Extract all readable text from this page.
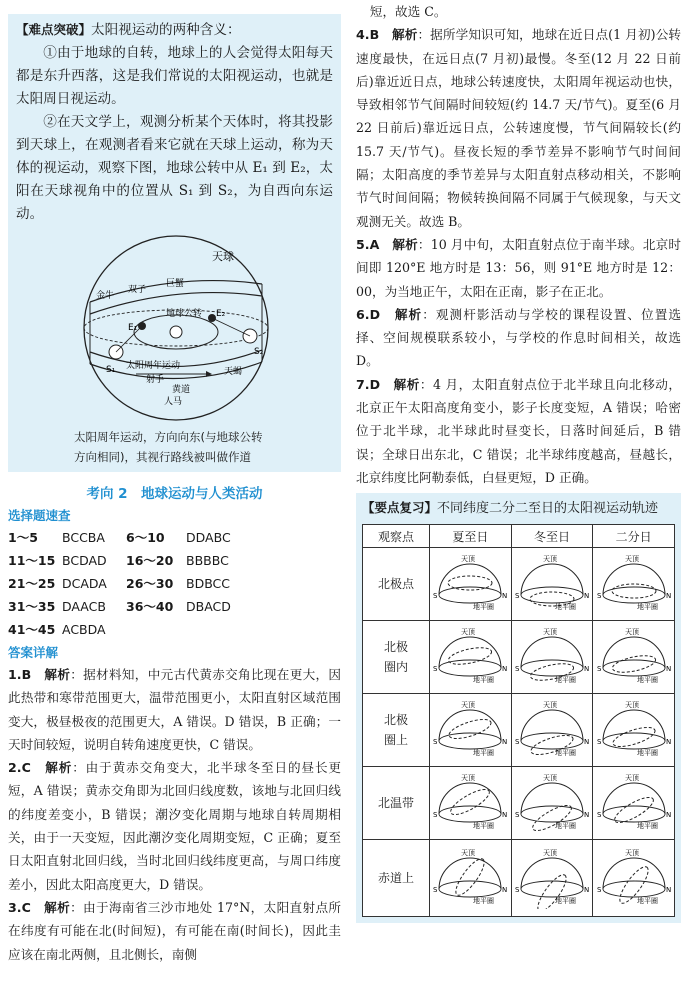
【难点突破】太阳视运动的两种含义：

①由于地球的自转，地球上的人会觉得太阳每天都是东升西落，这是我们常说的太阳视运动，也就是太阳周日视运动。

②在天文学上，观测分析某个天体时，将其投影到天球上，在观测者看来它就在天球上运动，称为天体的视运动，观察下图，地球公转中从 E₁ 到 E₂，太阳在天球视角中的位置从 S₁ 到 S₂，为自西向东运动。

天球
地球公转
太阳周年运动
黄道
双子
巨蟹
金牛
天蝎
射手
人马
E₁
E₂
S₁
S₂
太阳周年运动，方向向东(与地球公转
方向相同)，其视行路线被叫做作道
考向 2　地球运动与人类活动
选择题速查
1～5 BCCBA 6～10 DDABC
11～15 BCDAD 16～20 BBBBC
21～25 DCADA 26～30 BDBCC
31～35 DAACB 36～40 DBACD
41～45 ACBDA
答案详解

1.B　 解析：据材料知，中元古代黄赤交角比现在更大，因此热带和寒带范围更大，温带范围更小，太阳直射区域范围变大，极昼极夜的范围更大，A 错误。D 错误，B 正确；一天时间较短，说明自转角速度更快，C 错误。

2.C　 解析：由于黄赤交角变大，北半球冬至日的昼长更短，A 错误；黄赤交角即为北回归线度数，该地与北回归线的纬度差变小，B 错误；潮汐变化周期与地球自转周期相关，由于一天变短，因此潮汐变化周期变短，C 正确；夏至日太阳直射北回归线，当时北回归线纬度更高，与周口纬度差小，因此太阳高度更大，D 错误。

3.C　 解析：由于海南省三沙市地处 17°N，太阳直射点所在纬度有可能在北(时间短)，有可能在南(时间长)，因此圭应该在南北两侧，且北侧长，南侧

短，故选 C。

4.B　 解析：据所学知识可知，地球在近日点(1 月初)公转速度最快，在远日点(7 月初)最慢。冬至(12 月 22 日前后)靠近近日点，地球公转速度快，太阳周年视运动也快，导致相邻节气间隔时间较短(约 14.7 天/节气)。夏至(6 月 22 日前后)靠近远日点，公转速度慢，节气间隔较长(约 15.7 天/节气)。昼夜长短的季节差异不影响节气时间间隔；太阳高度的季节差异与太阳直射点移动相关，不影响节气时间间隔；物候转换间隔不同属于气候现象，与天文观测无关。故选 B。

5.A　 解析：10 月中旬，太阳直射点位于南半球。北京时间即 120°E 地方时是 13：56，则 91°E 地方时是 12：00，为当地正午，太阳在正南，影子在正北。

6.D　 解析：观测杆影活动与学校的课程设置、位置选择、空间规模联系较小，与学校的作息时间相关，故选 D。

7.D　 解析：4 月，太阳直射点位于北半球且向北移动，北京正午太阳高度角变小，影子长度变短，A 错误；哈密位于北半球，北半球此时昼变长，日落时间延后，B 错误；全球日出东北，C 错误；北半球纬度越高，昼越长，北京纬度比阿勒泰低，白昼更短，D 正确。

【要点复习】不同纬度二分二至日的太阳视运动轨迹

观察点	夏至日	冬至日	二分日
北极点	天顶
地平圈
S N	天顶
地平圈
S N	天顶
地平圈
S N

北极
圈内	天顶
地平圈
S N	天顶
地平圈
S N	天顶
地平圈
S N

北极
圈上	天顶
地平圈
S N	天顶
地平圈
S N	天顶
地平圈
S N

北温带	天顶
地平圈
S N	天顶
地平圈
S N	天顶
地平圈
S N

赤道上	天顶
地平圈
S N	天顶
地平圈
S N	天顶
地平圈
S N
